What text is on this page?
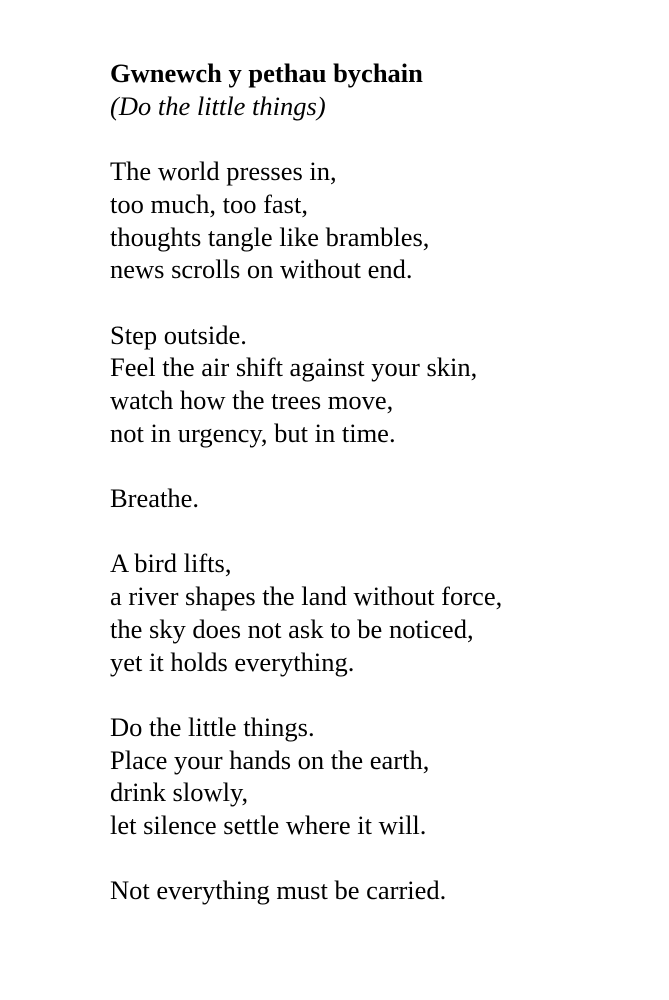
Gwnewch y pethau bychain
(Do the little things)
The world presses in,
too much, too fast,
thoughts tangle like brambles,
news scrolls on without end.
Step outside.
Feel the air shift against your skin,
watch how the trees move,
not in urgency, but in time.
Breathe.
A bird lifts,
a river shapes the land without force,
the sky does not ask to be noticed,
yet it holds everything.
Do the little things.
Place your hands on the earth,
drink slowly,
let silence settle where it will.
Not everything must be carried.
